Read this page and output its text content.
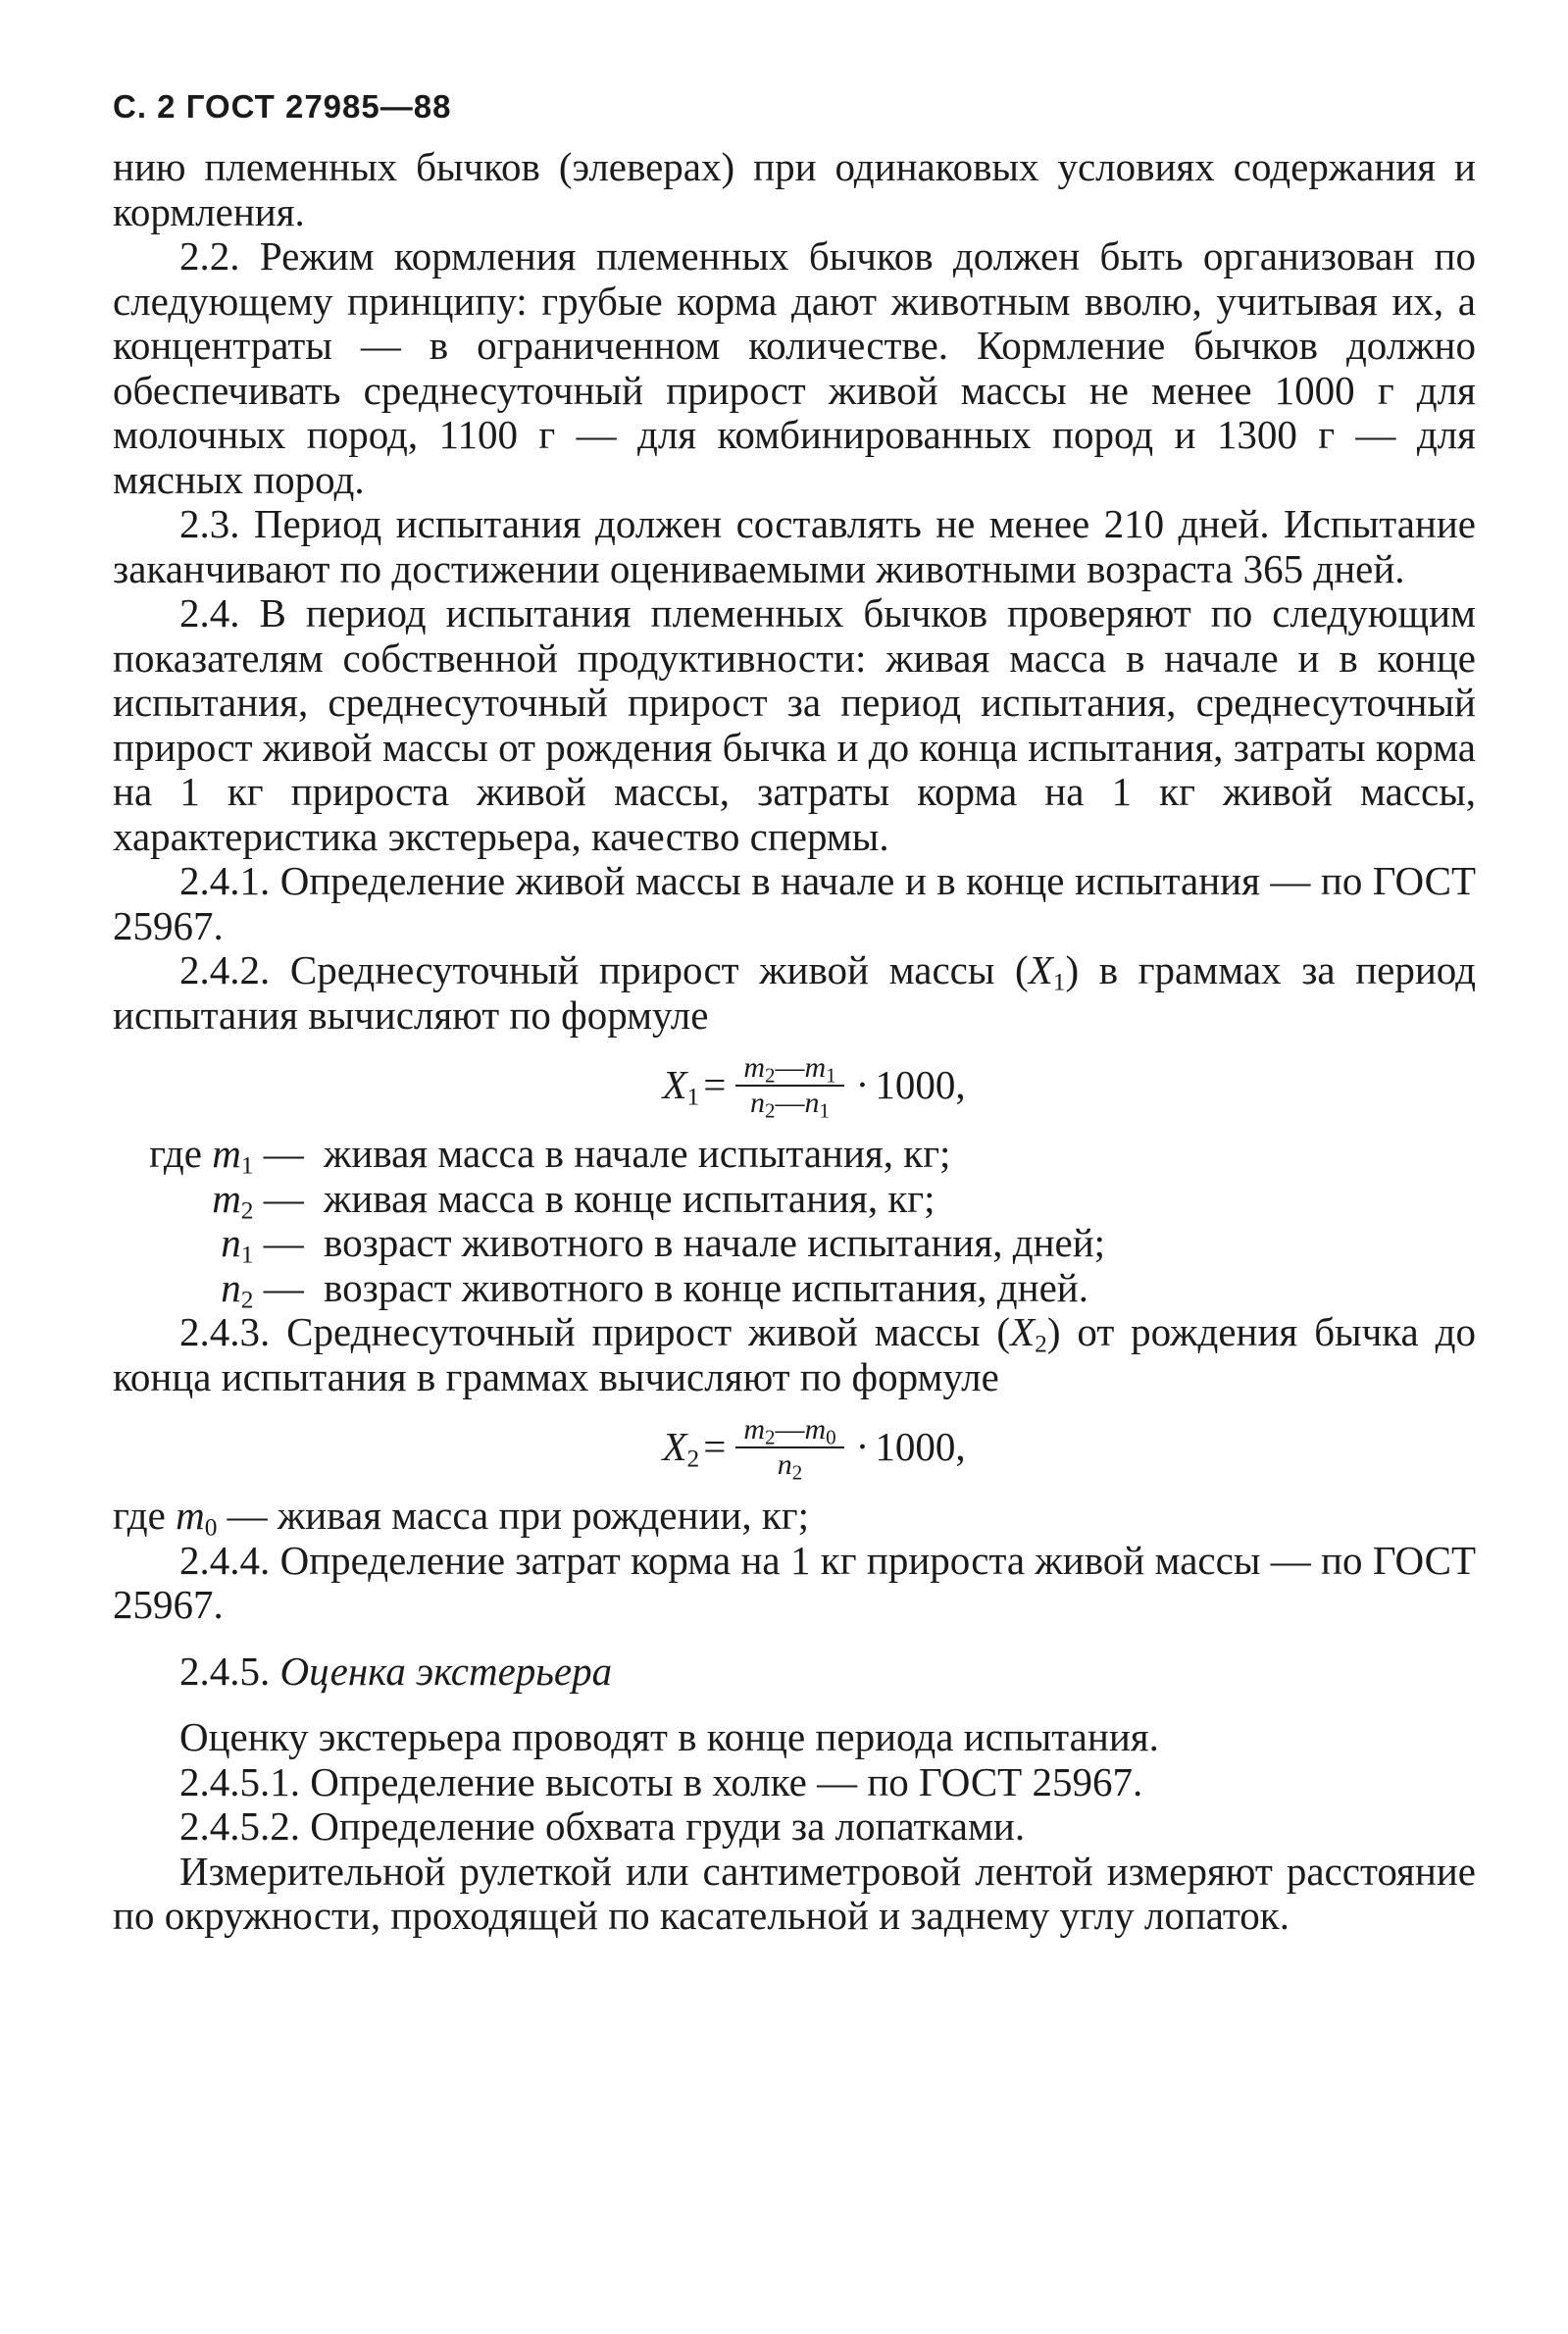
С. 2 ГОСТ 27985—88

нию племенных бычков (элеверах) при одинаковых условиях содержания и кормления.

2.2. Режим кормления племенных бычков должен быть организован по следующему принципу: грубые корма дают животным вволю, учитывая их, а концентраты — в ограниченном количестве. Кормление бычков должно обеспечивать среднесуточный прирост живой массы не менее 1000 г для молочных пород, 1100 г — для комбинированных пород и 1300 г — для мясных пород.

2.3. Период испытания должен составлять не менее 210 дней. Испытание заканчивают по достижении оцениваемыми животными возраста 365 дней.

2.4. В период испытания племенных бычков проверяют по следующим показателям собственной продуктивности: живая масса в начале и в конце испытания, среднесуточный прирост за период испытания, среднесуточный прирост живой массы от рождения бычка и до конца испытания, затраты корма на 1 кг прироста живой массы, затраты корма на 1 кг живой массы, характеристика экстерьера, качество спермы.

2.4.1. Определение живой массы в начале и в конце испытания — по ГОСТ 25967.

2.4.2. Среднесуточный прирост живой массы $(X_1)$ в граммах за период испытания вычисляют по формуле

$X_1 = \frac{m_2—m_1}{n_2—n_1} \cdot 1000$,
где $m_1$ — живая масса в начале испытания, кг;
$m_2$ — живая масса в конце испытания, кг;
$n_1$ — возраст животного в начале испытания, дней;
$n_2$ — возраст животного в конце испытания, дней.

2.4.3. Среднесуточный прирост живой массы $(X_2)$ от рождения бычка до конца испытания в граммах вычисляют по формуле

$X_2 = \frac{m_2—m_0}{n_2} \cdot 1000$,

где $m_0$ — живая масса при рождении, кг;

2.4.4. Определение затрат корма на 1 кг прироста живой массы — по ГОСТ 25967.

2.4.5. Оценка экстерьера

Оценку экстерьера проводят в конце периода испытания.

2.4.5.1. Определение высоты в холке — по ГОСТ 25967.

2.4.5.2. Определение обхвата груди за лопатками.

Измерительной рулеткой или сантиметровой лентой измеряют расстояние по окружности, проходящей по касательной и заднему углу лопаток.
